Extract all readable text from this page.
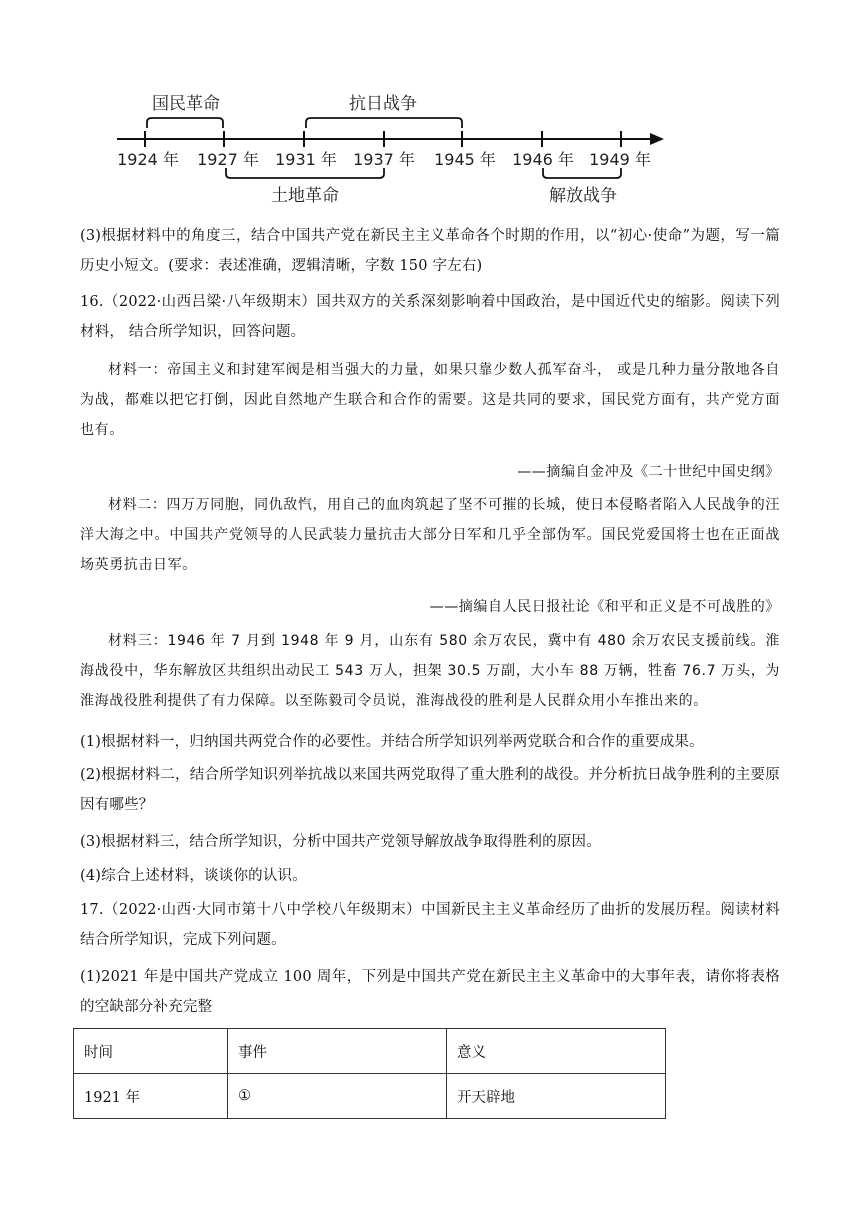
国民革命	抗日战争
土地革命	解放战争
1924 年 1927 年 1931 年 1937 年 1945 年 1946 年 1949 年
(3)根据材料中的角度三，结合中国共产党在新民主主义革命各个时期的作用，以“初心·使命”为题，写一篇历史小短文。(要求：表述准确，逻辑清晰，字数 150 字左右)
16.（2022·山西吕梁·八年级期末）国共双方的关系深刻影响着中国政治，是中国近代史的缩影。阅读下列材料， 结合所学知识，回答问题。
材料一：帝国主义和封建军阀是相当强大的力量，如果只靠少数人孤军奋斗， 或是几种力量分散地各自为战，都难以把它打倒，因此自然地产生联合和合作的需要。这是共同的要求，国民党方面有，共产党方面也有。
——摘编自金冲及《二十世纪中国史纲》
材料二：四万万同胞，同仇敌忾，用自己的血肉筑起了坚不可摧的长城，使日本侵略者陷入人民战争的汪洋大海之中。中国共产党领导的人民武装力量抗击大部分日军和几乎全部伪军。国民党爱国将士也在正面战场英勇抗击日军。
——摘编自人民日报社论《和平和正义是不可战胜的》
材料三：1946 年 7 月到 1948 年 9 月，山东有 580 余万农民，冀中有 480 余万农民支援前线。淮海战役中，华东解放区共组织出动民工 543 万人，担架 30.5 万副，大小车 88 万辆，牲畜 76.7 万头，为淮海战役胜利提供了有力保障。以至陈毅司令员说，淮海战役的胜利是人民群众用小车推出来的。
(1)根据材料一，归纳国共两党合作的必要性。并结合所学知识列举两党联合和合作的重要成果。
(2)根据材料二，结合所学知识列举抗战以来国共两党取得了重大胜利的战役。并分析抗日战争胜利的主要原因有哪些？
(3)根据材料三，结合所学知识，分析中国共产党领导解放战争取得胜利的原因。
(4)综合上述材料，谈谈你的认识。
17.（2022·山西·大同市第十八中学校八年级期末）中国新民主主义革命经历了曲折的发展历程。阅读材料结合所学知识，完成下列问题。
(1)2021 年是中国共产党成立 100 周年，下列是中国共产党在新民主主义革命中的大事年表，请你将表格的空缺部分补充完整
时间	事件	意义
1921 年	①	开天辟地
